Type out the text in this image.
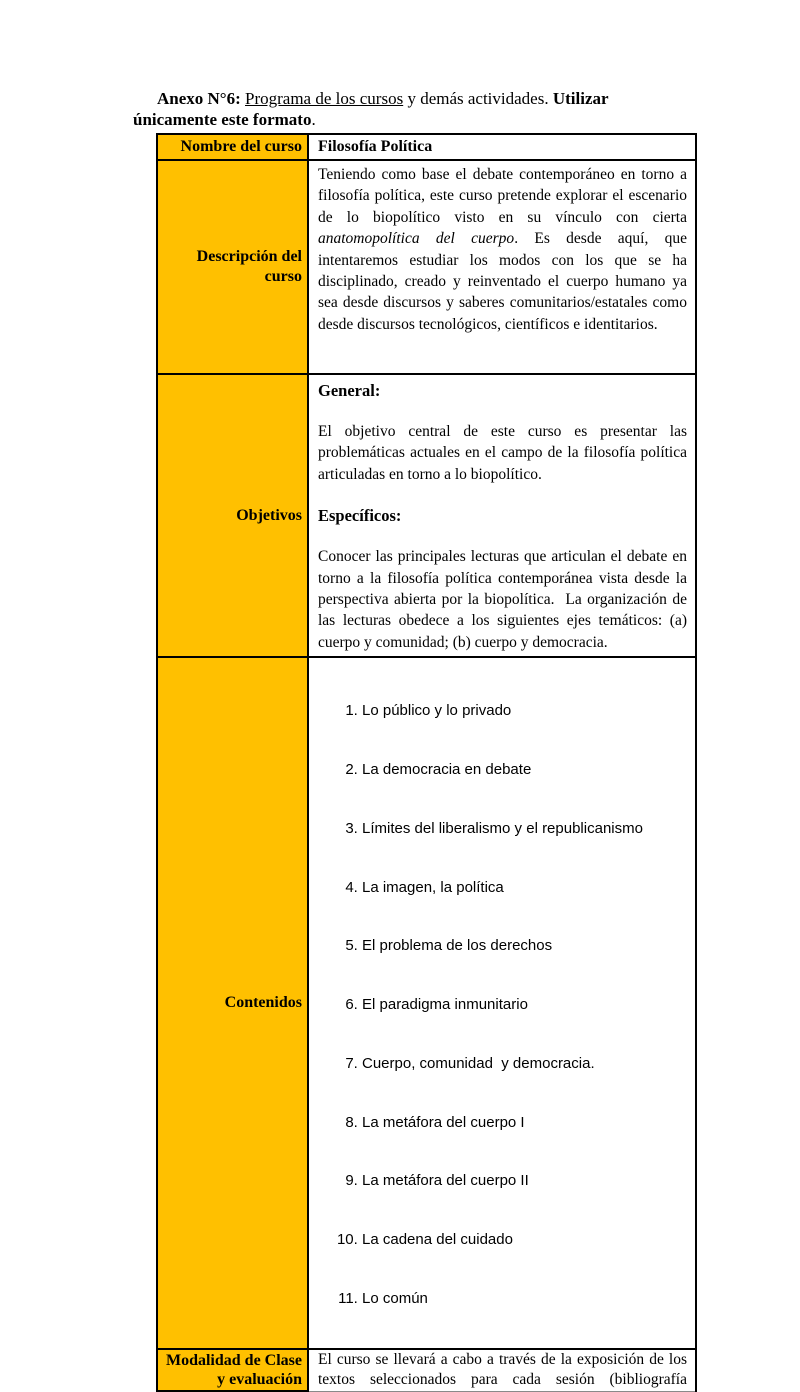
Anexo N°6: Programa de los cursos y demás actividades. Utilizar
únicamente este formato.

Nombre del curso	Filosofía Política
Descripción del curso	Teniendo como base el debate contemporáneo en torno a filosofía política, este curso pretende explorar el escenario de lo biopolítico visto en su vínculo con cierta anatomopolítica del cuerpo. Es desde aquí, que intentaremos estudiar los modos con los que se ha disciplinado, creado y reinventado el cuerpo humano ya sea desde discursos y saberes comunitarios/estatales como desde discursos tecnológicos, científicos e identitarios.

Objetivos	General:

El objetivo central de este curso es presentar las problemáticas actuales en el campo de la filosofía política articuladas en torno a lo biopolítico.

Específicos:

Conocer las principales lecturas que articulan el debate en torno a la filosofía política contemporánea vista desde la perspectiva abierta por la biopolítica.  La organización de las lecturas obedece a los siguientes ejes temáticos: (a) cuerpo y comunidad; (b) cuerpo y democracia.

Contenidos	

1. Lo público y lo privado

2. La democracia en debate

3. Límites del liberalismo y el republicanismo

4. La imagen, la política

5. El problema de los derechos

6. El paradigma inmunitario

7. Cuerpo, comunidad  y democracia.

8. La metáfora del cuerpo I

9. La metáfora del cuerpo II

10. La cadena del cuidado

11. Lo común

Modalidad de Clase y evaluación	El curso se llevará a cabo a través de la exposición de los

textos seleccionados para cada sesión (bibliografía
